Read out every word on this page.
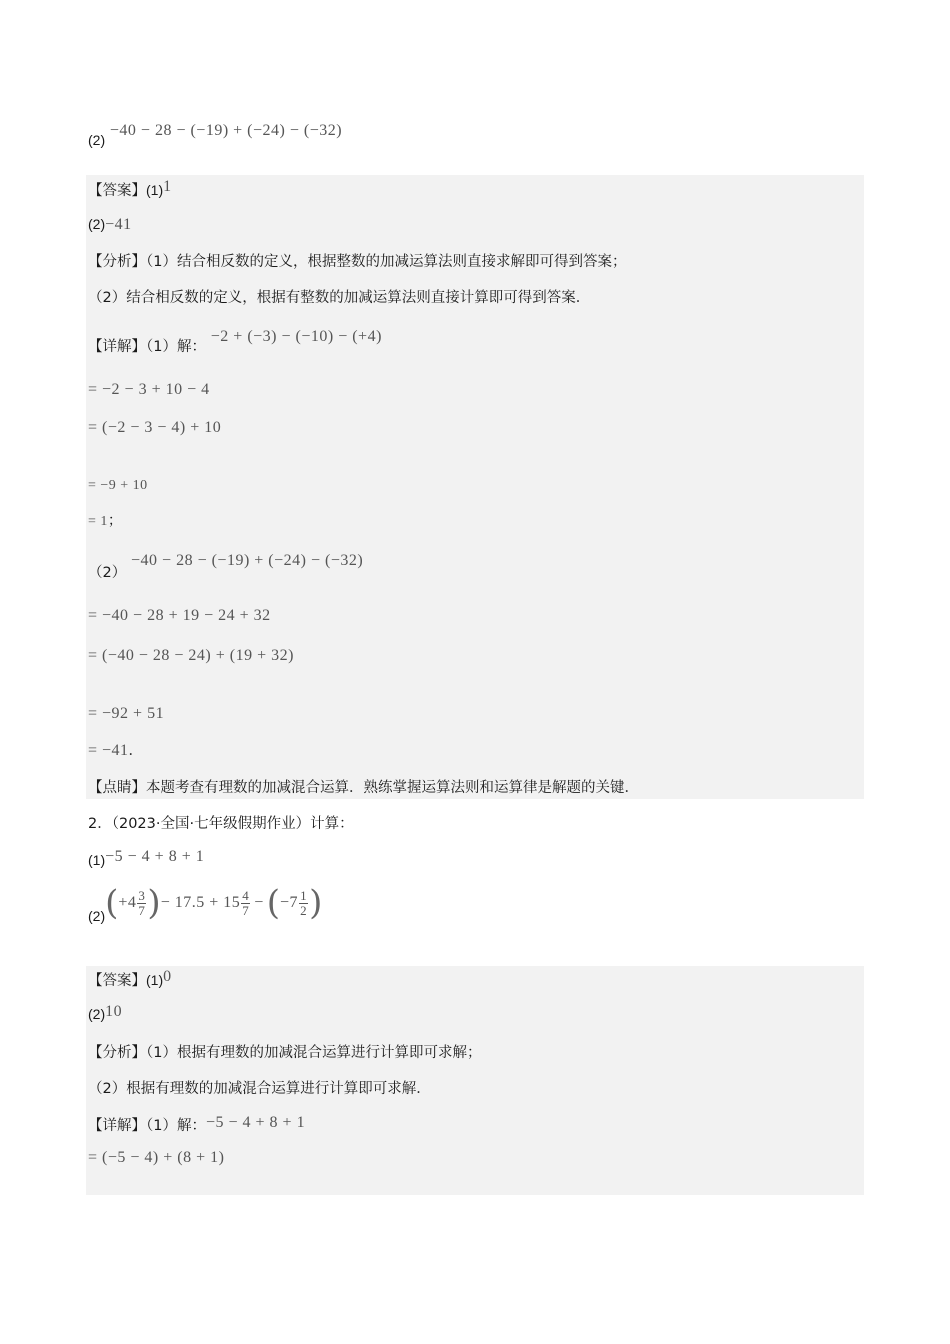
(2) −40 − 28 − (−19) + (−24) − (−32)
【答案】(1)1
(2)−41
【分析】（1）结合相反数的定义，根据整数的加减运算法则直接求解即可得到答案；
（2）结合相反数的定义，根据有整数的加减运算法则直接计算即可得到答案．
【详解】（1）解： −2 + (−3) − (−10) − (+4)
= −2 − 3 + 10 − 4
= (−2 − 3 − 4) + 10
= −9 + 10
= 1；
（2） −40 − 28 − (−19) + (−24) − (−32)
= −40 − 28 + 19 − 24 + 32
= (−40 − 28 − 24) + (19 + 32)
= −92 + 51
= −41．
【点睛】本题考查有理数的加减混合运算．熟练掌握运算法则和运算律是解题的关键．
2．（2023·全国·七年级假期作业）计算：
(1)−5 − 4 + 8 + 1
$(2)(+4 \frac{3}{7}$ )− $17.5 + 15 \frac{4}{7} -(-7 \frac{1}{2}$ )
【答案】(1)0
(2)10
【分析】（1）根据有理数的加减混合运算进行计算即可求解；
（2）根据有理数的加减混合运算进行计算即可求解．
【详解】（1）解：−5 − 4 + 8 + 1
= (−5 − 4) + (8 + 1)
